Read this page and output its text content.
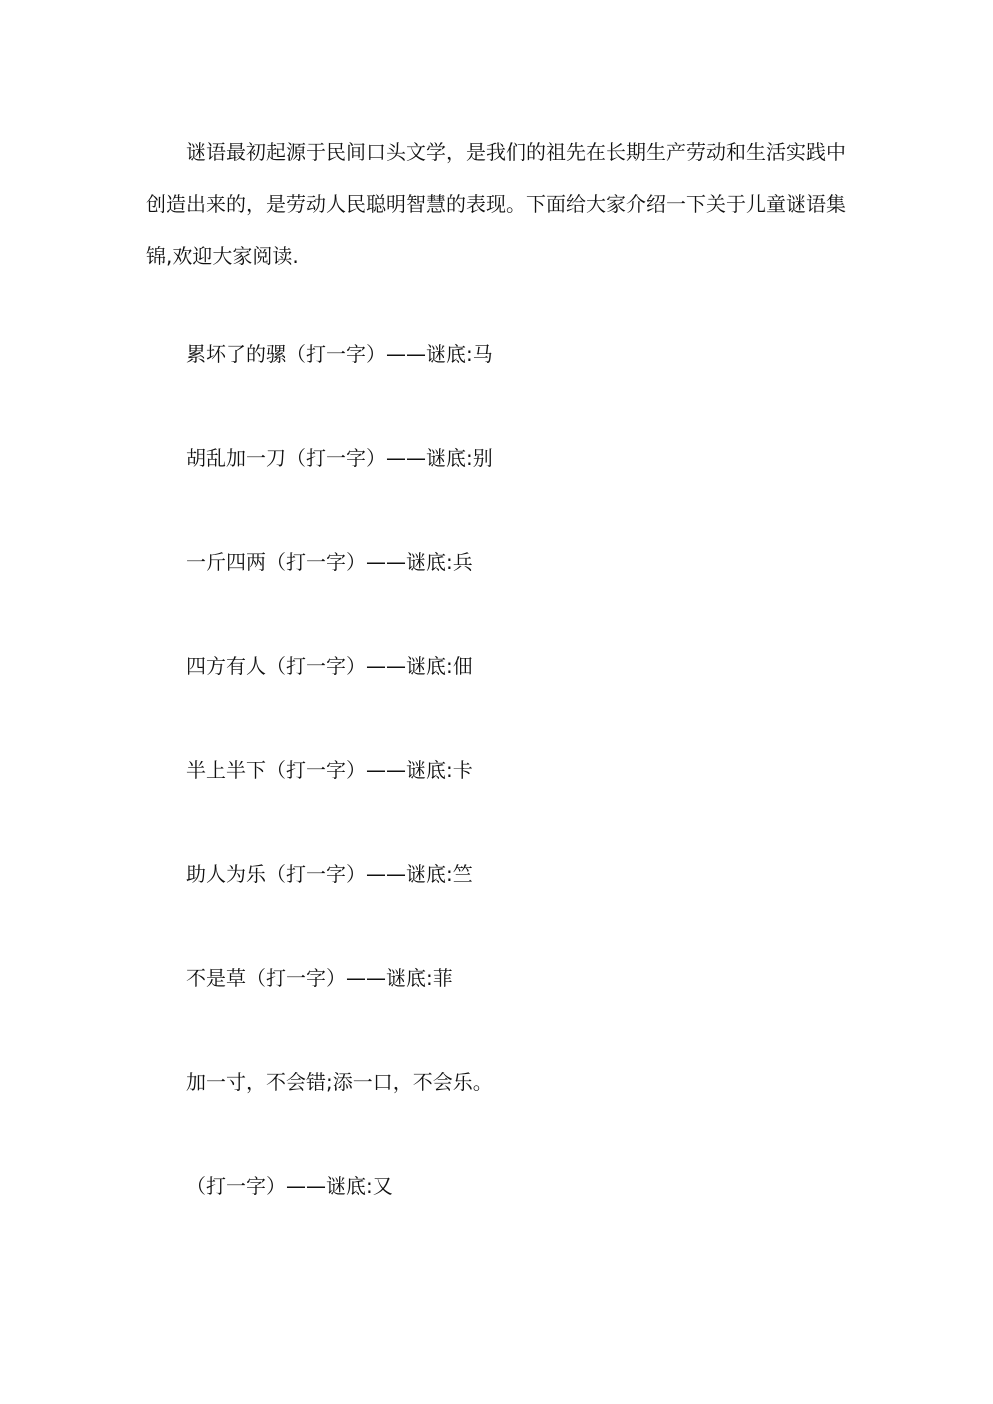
谜语最初起源于民间口头文学，是我们的祖先在长期生产劳动和生活实践中创造出来的，是劳动人民聪明智慧的表现。下面给大家介绍一下关于儿童谜语集锦,欢迎大家阅读.

累坏了的骡（打一字）——谜底:马

胡乱加一刀（打一字）——谜底:别

一斤四两（打一字）——谜底:兵

四方有人（打一字）——谜底:佃

半上半下（打一字）——谜底:卡

助人为乐（打一字）——谜底:竺

不是草（打一字）——谜底:菲

加一寸，不会错;添一口，不会乐。

（打一字）——谜底:又
